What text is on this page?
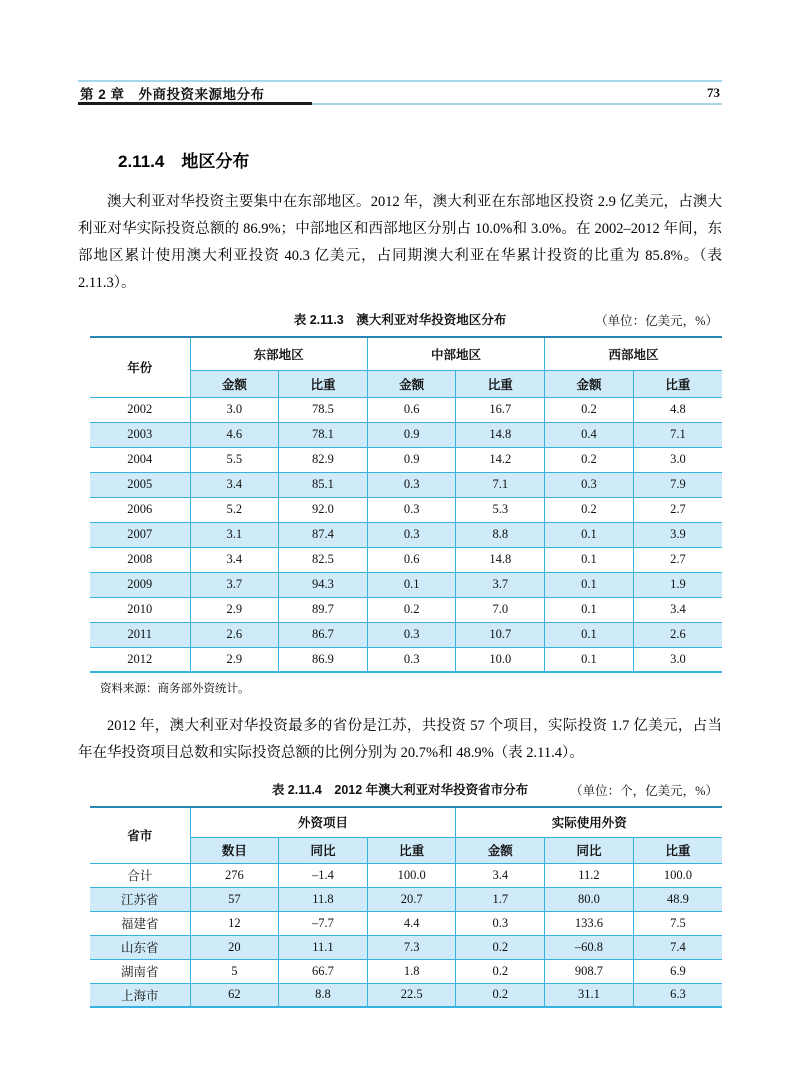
第 2 章　外商投资来源地分布	73
2.11.4　地区分布

澳大利亚对华投资主要集中在东部地区。2012 年，澳大利亚在东部地区投资 2.9 亿美元，占澳大利亚对华实际投资总额的 86.9%；中部地区和西部地区分别占 10.0%和 3.0%。在 2002–2012 年间，东部地区累计使用澳大利亚投资 40.3 亿美元，占同期澳大利亚在华累计投资的比重为 85.8%。（表 2.11.3）。

表 2.11.3　澳大利亚对华投资地区分布	（单位：亿美元，%）
年份	东部地区		中部地区		西部地区	
	金额	比重	金额	比重	金额	比重
2002	3.0	78.5	0.6	16.7	0.2	4.8
2003	4.6	78.1	0.9	14.8	0.4	7.1
2004	5.5	82.9	0.9	14.2	0.2	3.0
2005	3.4	85.1	0.3	7.1	0.3	7.9
2006	5.2	92.0	0.3	5.3	0.2	2.7
2007	3.1	87.4	0.3	8.8	0.1	3.9
2008	3.4	82.5	0.6	14.8	0.1	2.7
2009	3.7	94.3	0.1	3.7	0.1	1.9
2010	2.9	89.7	0.2	7.0	0.1	3.4
2011	2.6	86.7	0.3	10.7	0.1	2.6
2012	2.9	86.9	0.3	10.0	0.1	3.0
资料来源：商务部外资统计。

2012 年，澳大利亚对华投资最多的省份是江苏，共投资 57 个项目，实际投资 1.7 亿美元，占当年在华投资项目总数和实际投资总额的比例分别为 20.7%和 48.9%（表 2.11.4）。

表 2.11.4　2012 年澳大利亚对华投资省市分布	（单位：个，亿美元，%）
省市	外资项目			实际使用外资		
	数目	同比	比重	金额	同比	比重
合计	276	–1.4	100.0	3.4	11.2	100.0
江苏省	57	11.8	20.7	1.7	80.0	48.9
福建省	12	–7.7	4.4	0.3	133.6	7.5
山东省	20	11.1	7.3	0.2	–60.8	7.4
湖南省	5	66.7	1.8	0.2	908.7	6.9
上海市	62	8.8	22.5	0.2	31.1	6.3
